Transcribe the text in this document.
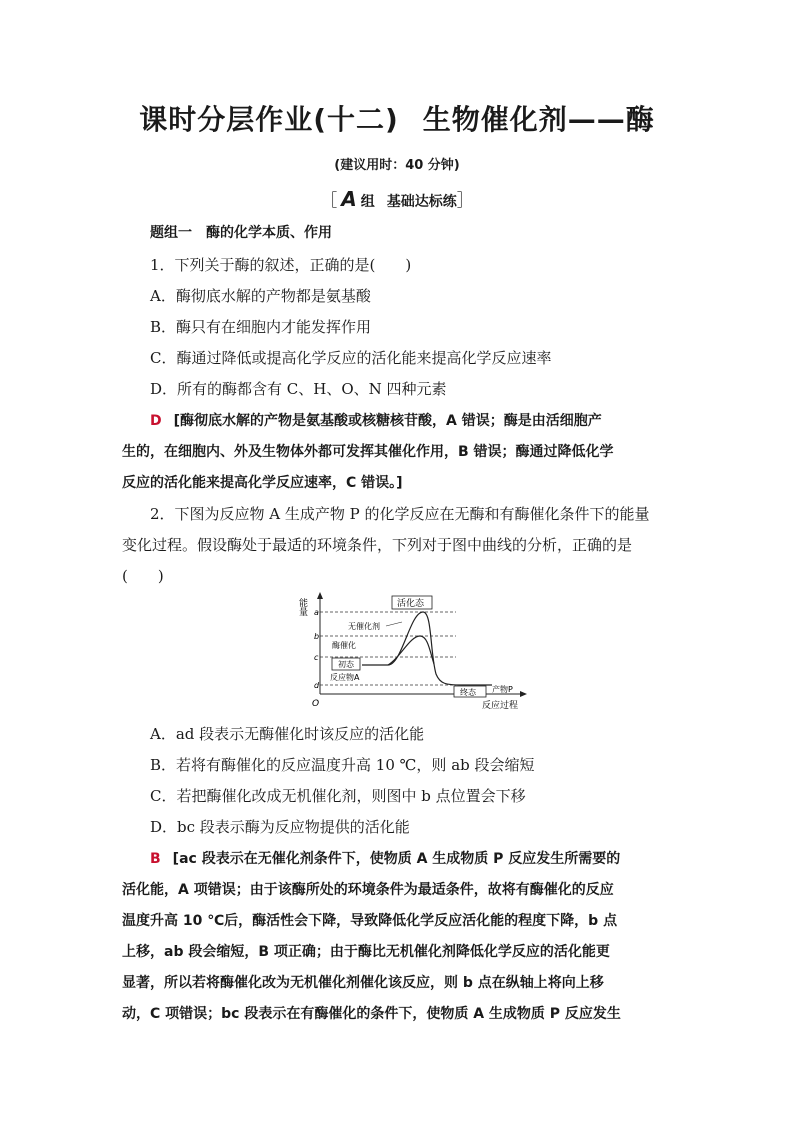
课时分层作业(十二) 生物催化剂——酶
(建议用时：40 分钟)
［ A 组 基础达标练］
题组一 酶的化学本质、作用
1．下列关于酶的叙述，正确的是(　　)
A．酶彻底水解的产物都是氨基酸
B．酶只有在细胞内才能发挥作用
C．酶通过降低或提高化学反应的活化能来提高化学反应速率
D．所有的酶都含有 C、H、O、N 四种元素
D [酶彻底水解的产物是氨基酸或核糖核苷酸，A 错误；酶是由活细胞产
生的，在细胞内、外及生物体外都可发挥其催化作用，B 错误；酶通过降低化学
反应的活化能来提高化学反应速率，C 错误。]
2．下图为反应物 A 生成产物 P 的化学反应在无酶和有酶催化条件下的能量
变化过程。假设酶处于最适的环境条件，下列对于图中曲线的分析，正确的是
(　　)
能量
反应过程
O
a
b
c
d
活化态
无催化剂
酶催化
初态
反应物A
终态 产物P
A．ad 段表示无酶催化时该反应的活化能
B．若将有酶催化的反应温度升高 10 ℃，则 ab 段会缩短
C．若把酶催化改成无机催化剂，则图中 b 点位置会下移
D．bc 段表示酶为反应物提供的活化能
B [ac 段表示在无催化剂条件下，使物质 A 生成物质 P 反应发生所需要的
活化能，A 项错误；由于该酶所处的环境条件为最适条件，故将有酶催化的反应
温度升高 10 ℃后，酶活性会下降，导致降低化学反应活化能的程度下降，b 点
上移，ab 段会缩短，B 项正确；由于酶比无机催化剂降低化学反应的活化能更
显著，所以若将酶催化改为无机催化剂催化该反应，则 b 点在纵轴上将向上移
动，C 项错误；bc 段表示在有酶催化的条件下，使物质 A 生成物质 P 反应发生
